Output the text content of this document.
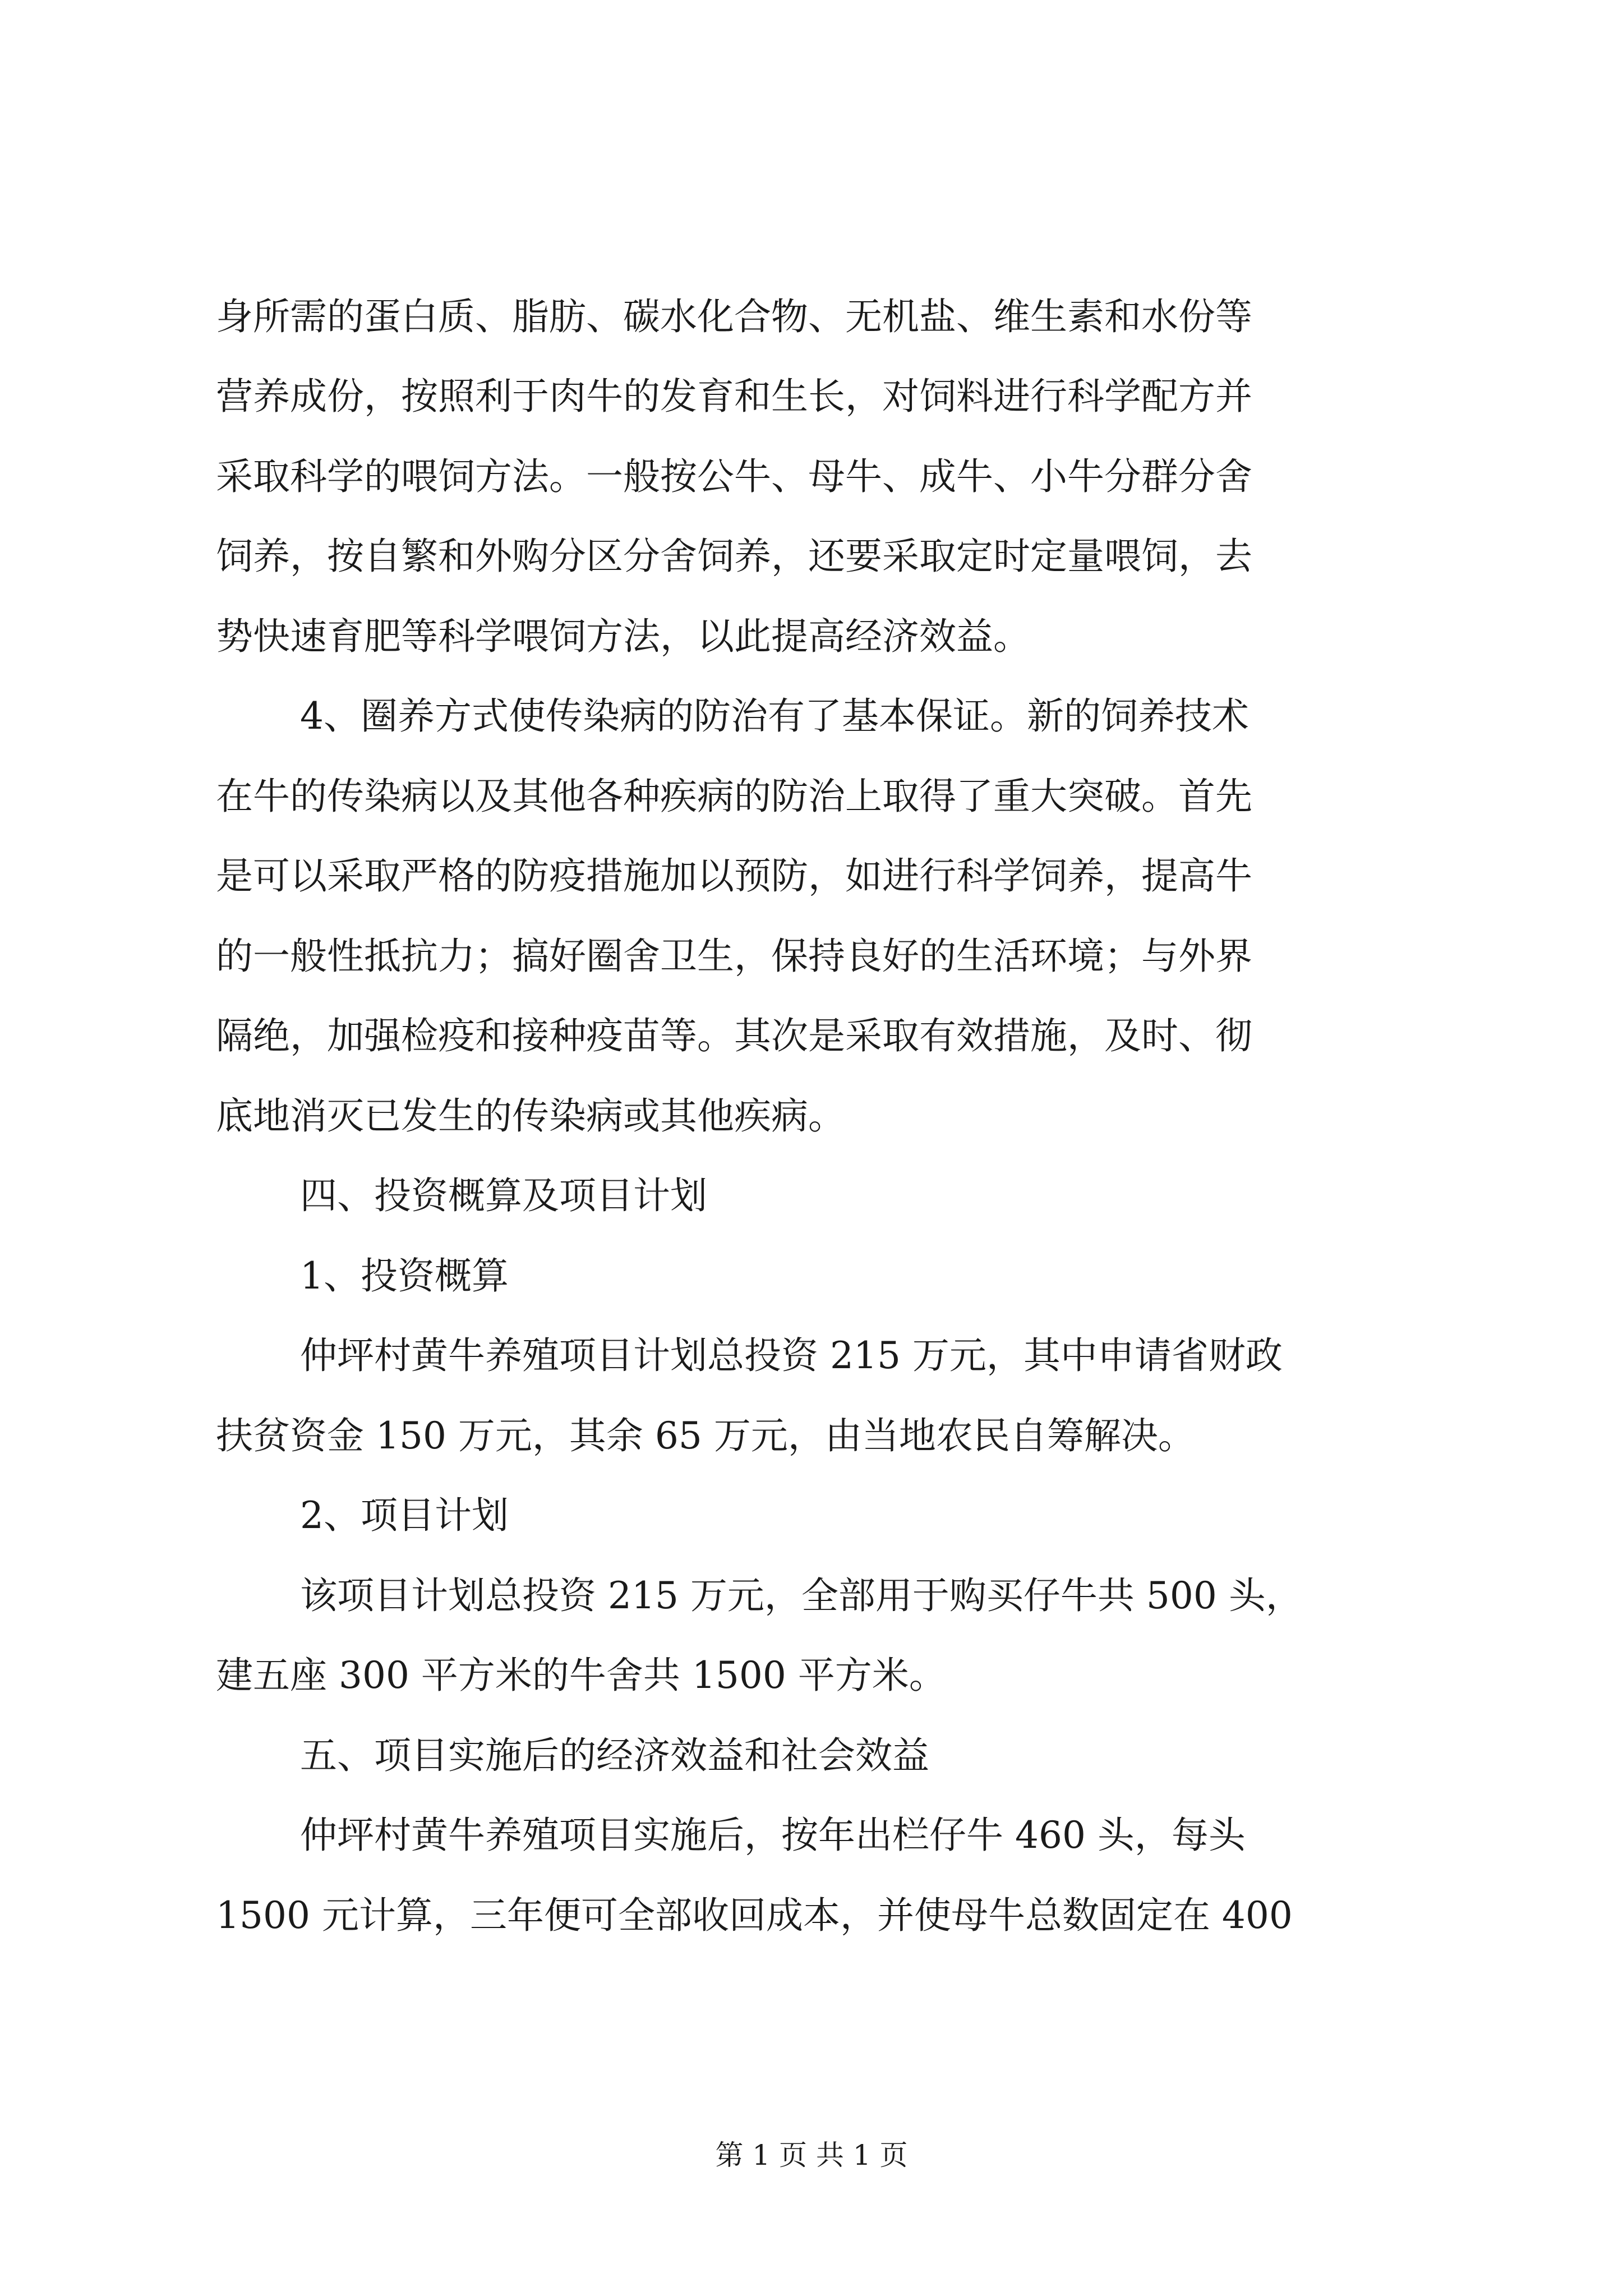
身所需的蛋白质、脂肪、碳水化合物、无机盐、维生素和水份等
营养成份，按照利于肉牛的发育和生长，对饲料进行科学配方并
采取科学的喂饲方法。一般按公牛、母牛、成牛、小牛分群分舍
饲养，按自繁和外购分区分舍饲养，还要采取定时定量喂饲，去
势快速育肥等科学喂饲方法，以此提高经济效益。
4、圈养方式使传染病的防治有了基本保证。新的饲养技术
在牛的传染病以及其他各种疾病的防治上取得了重大突破。首先
是可以采取严格的防疫措施加以预防，如进行科学饲养，提高牛
的一般性抵抗力；搞好圈舍卫生，保持良好的生活环境；与外界
隔绝，加强检疫和接种疫苗等。其次是采取有效措施，及时、彻
底地消灭已发生的传染病或其他疾病。
四、投资概算及项目计划
1、投资概算
仲坪村黄牛养殖项目计划总投资 215 万元，其中申请省财政
扶贫资金 150 万元，其余 65 万元，由当地农民自筹解决。
2、项目计划
该项目计划总投资 215 万元，全部用于购买仔牛共 500 头，
建五座 300 平方米的牛舍共 1500 平方米。
五、项目实施后的经济效益和社会效益
仲坪村黄牛养殖项目实施后，按年出栏仔牛 460 头，每头
1500 元计算，三年便可全部收回成本，并使母牛总数固定在 400
第 1 页 共 1 页
